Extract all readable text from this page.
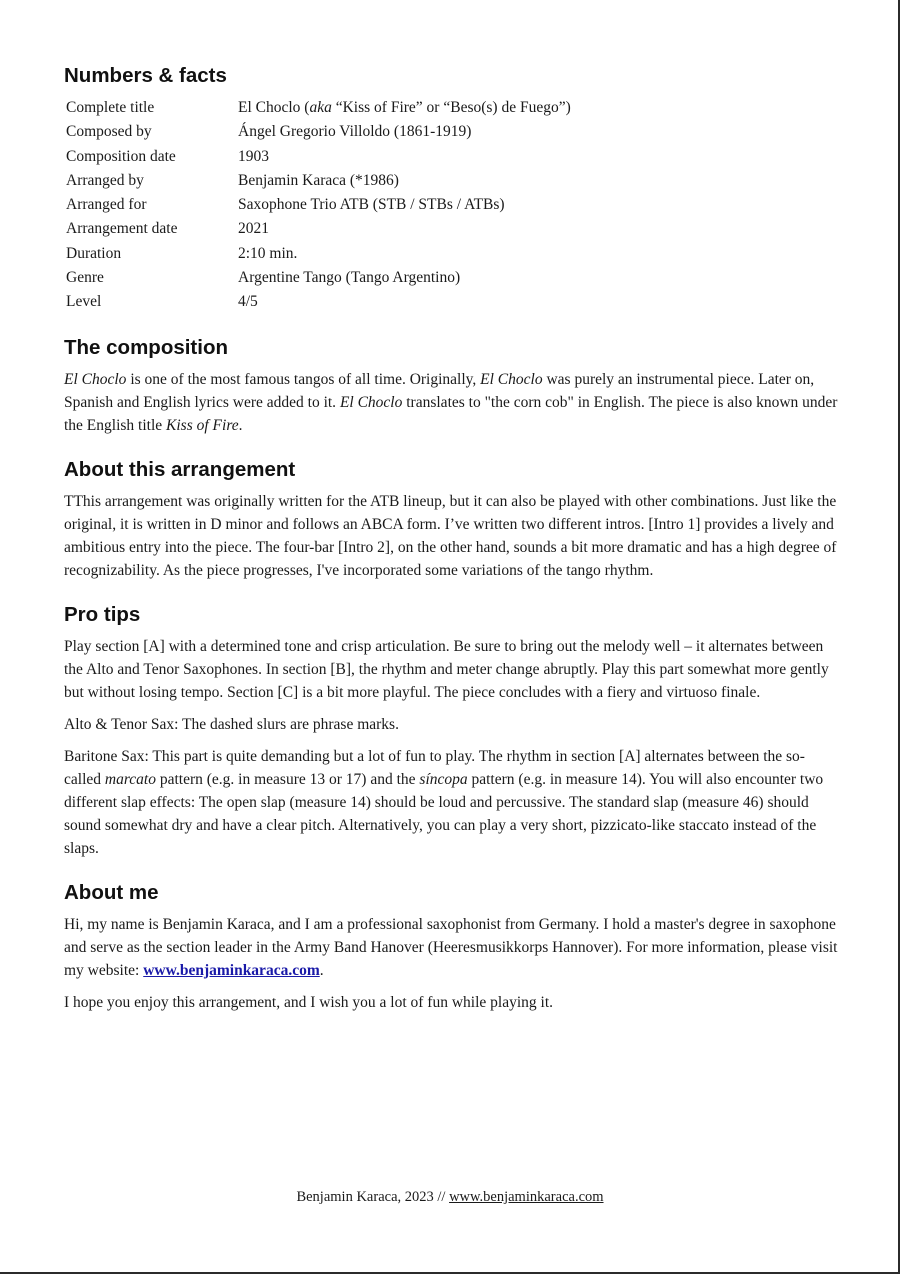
Numbers & facts
Complete title	El Choclo (aka “Kiss of Fire” or “Beso(s) de Fuego”)
Composed by	Ángel Gregorio Villoldo (1861-1919)
Composition date	1903
Arranged by	Benjamin Karaca (*1986)
Arranged for	Saxophone Trio ATB (STB / STBs / ATBs)
Arrangement date	2021
Duration	2:10 min.
Genre	Argentine Tango (Tango Argentino)
Level	4/5
The composition

El Choclo is one of the most famous tangos of all time. Originally, El Choclo was purely an instrumental piece. Later on, Spanish and English lyrics were added to it. El Choclo translates to "the corn cob" in English. The piece is also known under the English title Kiss of Fire.

About this arrangement

TThis arrangement was originally written for the ATB lineup, but it can also be played with other combinations. Just like the original, it is written in D minor and follows an ABCA form. I’ve written two different intros. [Intro 1] provides a lively and ambitious entry into the piece. The four-bar [Intro 2], on the other hand, sounds a bit more dramatic and has a high degree of recognizability. As the piece progresses, I've incorporated some variations of the tango rhythm.

Pro tips

Play section [A] with a determined tone and crisp articulation. Be sure to bring out the melody well – it alternates between the Alto and Tenor Saxophones. In section [B], the rhythm and meter change abruptly. Play this part somewhat more gently but without losing tempo. Section [C] is a bit more playful. The piece concludes with a fiery and virtuoso finale.

Alto & Tenor Sax: The dashed slurs are phrase marks.

Baritone Sax: This part is quite demanding but a lot of fun to play. The rhythm in section [A] alternates between the so-called marcato pattern (e.g. in measure 13 or 17) and the síncopa pattern (e.g. in measure 14). You will also encounter two different slap effects: The open slap (measure 14) should be loud and percussive. The standard slap (measure 46) should sound somewhat dry and have a clear pitch. Alternatively, you can play a very short, pizzicato-like staccato instead of the slaps.

About me

Hi, my name is Benjamin Karaca, and I am a professional saxophonist from Germany. I hold a master's degree in saxophone and serve as the section leader in the Army Band Hanover (Heeresmusikkorps Hannover). For more information, please visit my website: www.benjaminkaraca.com.

I hope you enjoy this arrangement, and I wish you a lot of fun while playing it.

Benjamin Karaca, 2023 // www.benjaminkaraca.com
